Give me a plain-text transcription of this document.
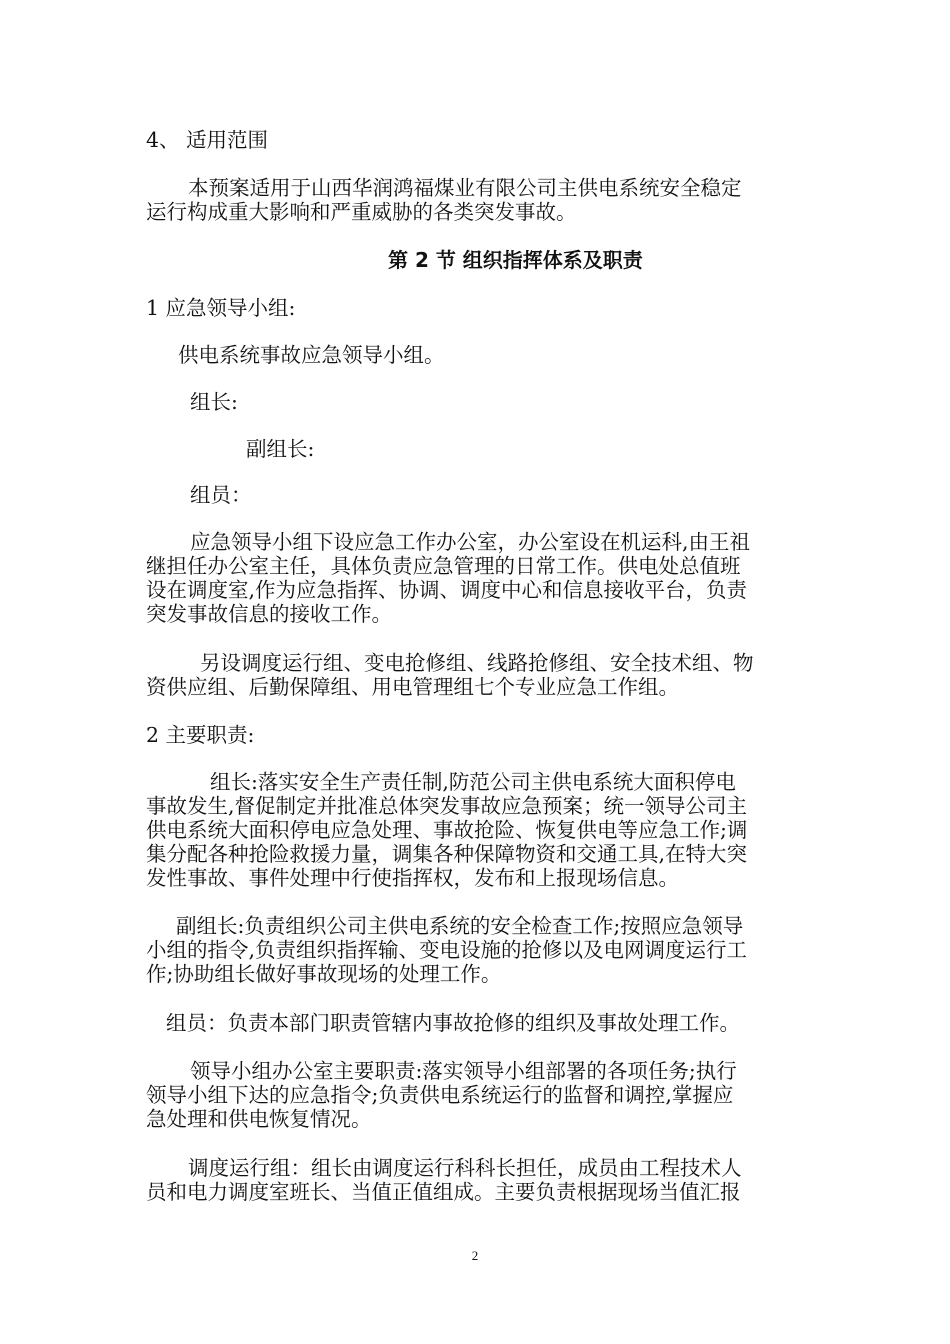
4、 适用范围
本预案适用于山西华润鸿福煤业有限公司主供电系统安全稳定
运行构成重大影响和严重威胁的各类突发事故。
第 2 节 组织指挥体系及职责
1 应急领导小组:
供电系统事故应急领导小组。
组长:
副组长:
组员：
应急领导小组下设应急工作办公室，办公室设在机运科,由王祖
继担任办公室主任，具体负责应急管理的日常工作。供电处总值班
设在调度室,作为应急指挥、协调、调度中心和信息接收平台，负责
突发事故信息的接收工作。
另设调度运行组、变电抢修组、线路抢修组、安全技术组、物
资供应组、后勤保障组、用电管理组七个专业应急工作组。
2 主要职责:
组长:落实安全生产责任制,防范公司主供电系统大面积停电
事故发生,督促制定并批准总体突发事故应急预案；统一领导公司主
供电系统大面积停电应急处理、事故抢险、恢复供电等应急工作;调
集分配各种抢险救援力量，调集各种保障物资和交通工具,在特大突
发性事故、事件处理中行使指挥权，发布和上报现场信息。
副组长:负责组织公司主供电系统的安全检查工作;按照应急领导
小组的指令,负责组织指挥输、变电设施的抢修以及电网调度运行工
作;协助组长做好事故现场的处理工作。
组员：负责本部门职责管辖内事故抢修的组织及事故处理工作。
领导小组办公室主要职责:落实领导小组部署的各项任务;执行
领导小组下达的应急指令;负责供电系统运行的监督和调控,掌握应
急处理和供电恢复情况。
调度运行组：组长由调度运行科科长担任，成员由工程技术人
员和电力调度室班长、当值正值组成。主要负责根据现场当值汇报
2
